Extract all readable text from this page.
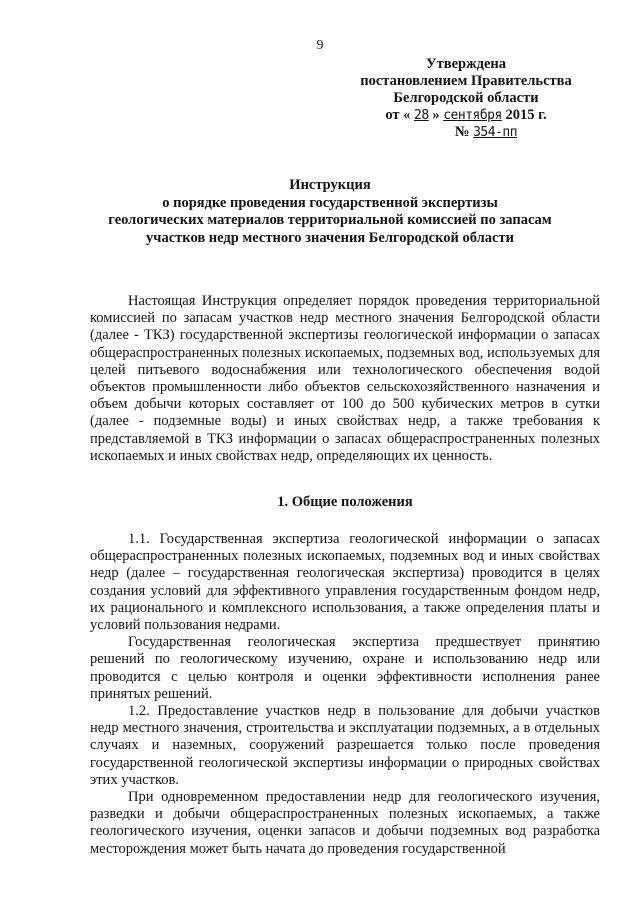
9
Утверждена
постановлением Правительства
Белгородской области
от « 28 » сентября 2015 г.
№ 354-пп
Инструкция
о порядке проведения государственной экспертизы
геологических материалов территориальной комиссией по запасам
участков недр местного значения Белгородской области

Настоящая Инструкция определяет порядок проведения территориальной комиссией по запасам участков недр местного значения Белгородской области (далее - ТКЗ) государственной экспертизы геологической информации о запасах общераспространенных полезных ископаемых, подземных вод, используемых для целей питьевого водоснабжения или технологического обеспечения водой объектов промышленности либо объектов сельскохозяйственного назначения и объем добычи которых составляет от 100 до 500 кубических метров в сутки (далее - подземные воды) и иных свойствах недр, а также требования к представляемой в ТКЗ информации о запасах общераспространенных полезных ископаемых и иных свойствах недр, определяющих их ценность.

1. Общие положения

1.1. Государственная экспертиза геологической информации о запасах общераспространенных полезных ископаемых, подземных вод и иных свойствах недр (далее – государственная геологическая экспертиза) проводится в целях создания условий для эффективного управления государственным фондом недр, их рационального и комплексного использования, а также определения платы и условий пользования недрами.

Государственная геологическая экспертиза предшествует принятию решений по геологическому изучению, охране и использованию недр или проводится с целью контроля и оценки эффективности исполнения ранее принятых решений.

1.2. Предоставление участков недр в пользование для добычи участков недр местного значения, строительства и эксплуатации подземных, а в отдельных случаях и наземных, сооружений разрешается только после проведения государственной геологической экспертизы информации о природных свойствах этих участков.

При одновременном предоставлении недр для геологического изучения, разведки и добычи общераспространенных полезных ископаемых, а также геологического изучения, оценки запасов и добычи подземных вод разработка месторождения может быть начата до проведения государственной
